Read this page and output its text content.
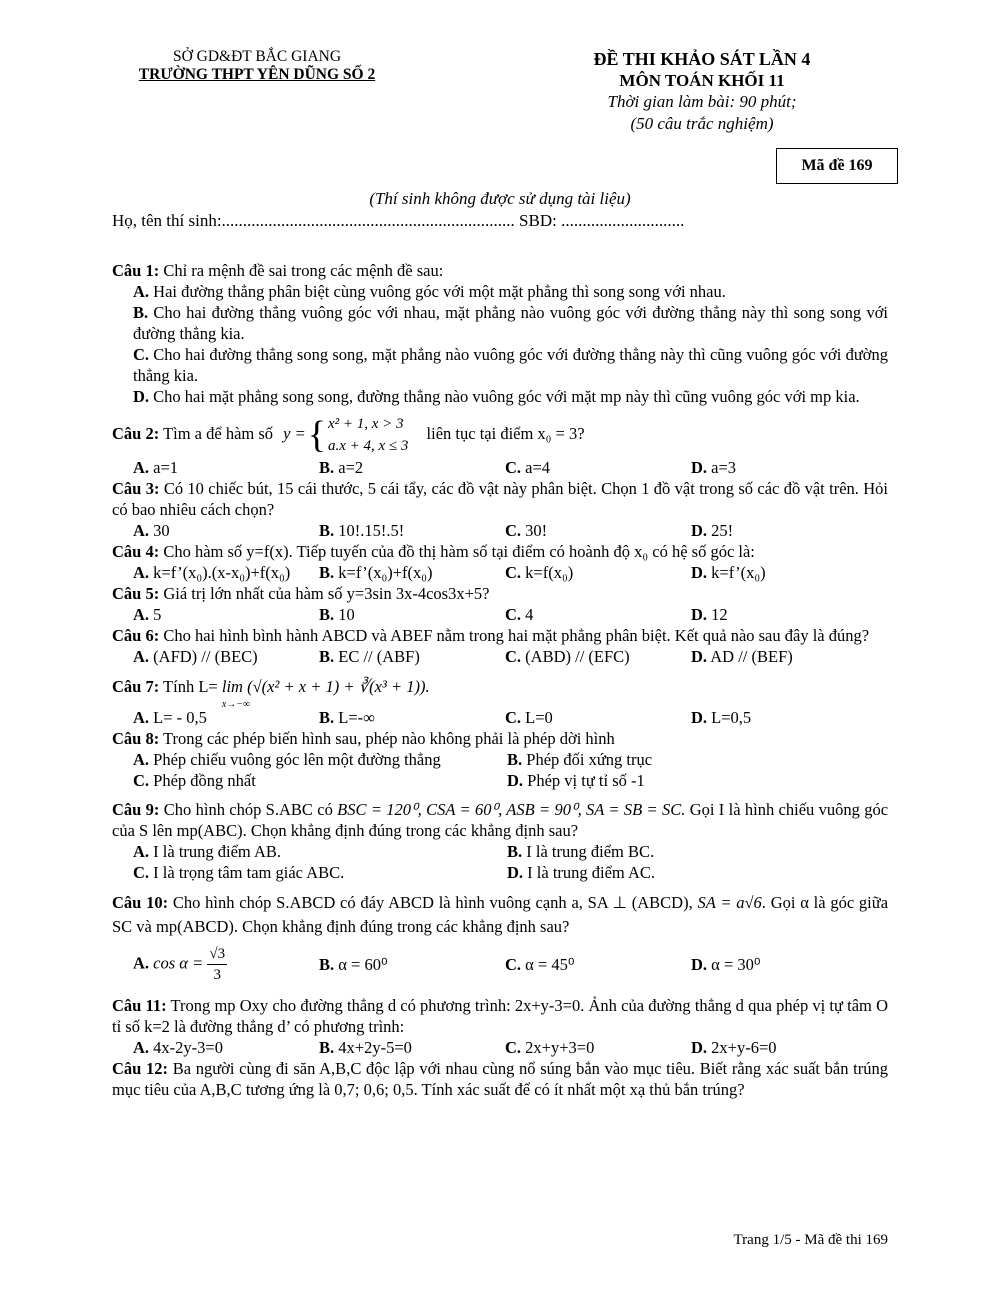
SỞ GD&ĐT BẮC GIANG
TRƯỜNG THPT YÊN DŨNG SỐ 2
ĐỀ THI KHẢO SÁT LẦN 4
MÔN TOÁN KHỐI 11
Thời gian làm bài: 90 phút;
(50 câu trắc nghiệm)
Mã đề 169
(Thí sinh không được sử dụng tài liệu)
Họ, tên thí sinh:..................................................................... SBD: .............................
Câu 1: Chỉ ra mệnh đề sai trong các mệnh đề sau:
A. Hai đường thẳng phân biệt cùng vuông góc với một mặt phẳng thì song song với nhau.
B. Cho hai đường thẳng vuông góc với nhau, mặt phẳng nào vuông góc với đường thẳng này thì song song với đường thẳng kia.
C. Cho hai đường thẳng song song, mặt phẳng nào vuông góc với đường thẳng này thì cũng vuông góc với đường thẳng kia.
D. Cho hai mặt phẳng song song, đường thẳng nào vuông góc với mặt mp này thì cũng vuông góc với mp kia.
Câu 2: Tìm a để hàm số y ={ x² + 1, x > 3
a.x + 4, x ≤ 3
liên tục tại điểm x₀ = 3?
A. a=1	B. a=2	C. a=4	D. a=3
Câu 3: Có 10 chiếc bút, 15 cái thước, 5 cái tẩy, các đồ vật này phân biệt. Chọn 1 đồ vật trong số các đồ vật trên. Hỏi có bao nhiêu cách chọn?
A. 30	B. 10!.15!.5!	C. 30!	D. 25!
Câu 4: Cho hàm số y=f(x). Tiếp tuyến của đồ thị hàm số tại điểm có hoành độ x₀ có hệ số góc là:
A. k=f’(x₀).(x-x₀)+f(x₀)	B. k=f’(x₀)+f(x₀)	C. k=f(x₀)	D. k=f’(x₀)
Câu 5: Giá trị lớn nhất của hàm số y=3sin 3x-4cos3x+5?
A. 5	B. 10	C. 4	D. 12
Câu 6: Cho hai hình bình hành ABCD và ABEF nằm trong hai mặt phẳng phân biệt. Kết quả nào sau đây là đúng?
A. (AFD) // (BEC)	B. EC // (ABF)	C. (ABD) // (EFC)	D. AD // (BEF)
Câu 7: Tính L= lim (√(x² + x + 1) + ∛(x³ + 1)).
x→−∞
A. L= - 0,5	B. L=-∞	C. L=0	D. L=0,5
Câu 8: Trong các phép biến hình sau, phép nào không phải là phép dời hình
A. Phép chiếu vuông góc lên một đường thẳng	B. Phép đối xứng trục
C. Phép đồng nhất	D. Phép vị tự tỉ số -1
Câu 9: Cho hình chóp S.ABC có BSC = 120⁰, CSA = 60⁰, ASB = 90⁰, SA = SB = SC. Gọi I là hình chiếu vuông góc của S lên mp(ABC). Chọn khẳng định đúng trong các khẳng định sau?
A. I là trung điểm AB.	B. I là trung điểm BC.
C. I là trọng tâm tam giác ABC.	D. I là trung điểm AC.
Câu 10: Cho hình chóp S.ABCD có đáy ABCD là hình vuông cạnh a, SA ⊥ (ABCD), SA = a√6. Gọi α là góc giữa SC và mp(ABCD). Chọn khẳng định đúng trong các khẳng định sau?
A. $\cos \alpha = \frac{√3}{3}$	B. α = 60⁰	C. α = 45⁰	D. α = 30⁰
Câu 11: Trong mp Oxy cho đường thẳng d có phương trình: 2x+y-3=0. Ảnh của đường thẳng d qua phép vị tự tâm O tỉ số k=2 là đường thẳng d’ có phương trình:
A. 4x-2y-3=0	B. 4x+2y-5=0	C. 2x+y+3=0	D. 2x+y-6=0
Câu 12: Ba người cùng đi săn A,B,C độc lập với nhau cùng nổ súng bắn vào mục tiêu. Biết rằng xác suất bắn trúng mục tiêu của A,B,C tương ứng là 0,7; 0,6; 0,5. Tính xác suất để có ít nhất một xạ thủ bắn trúng?
Trang 1/5 - Mã đề thi 169
